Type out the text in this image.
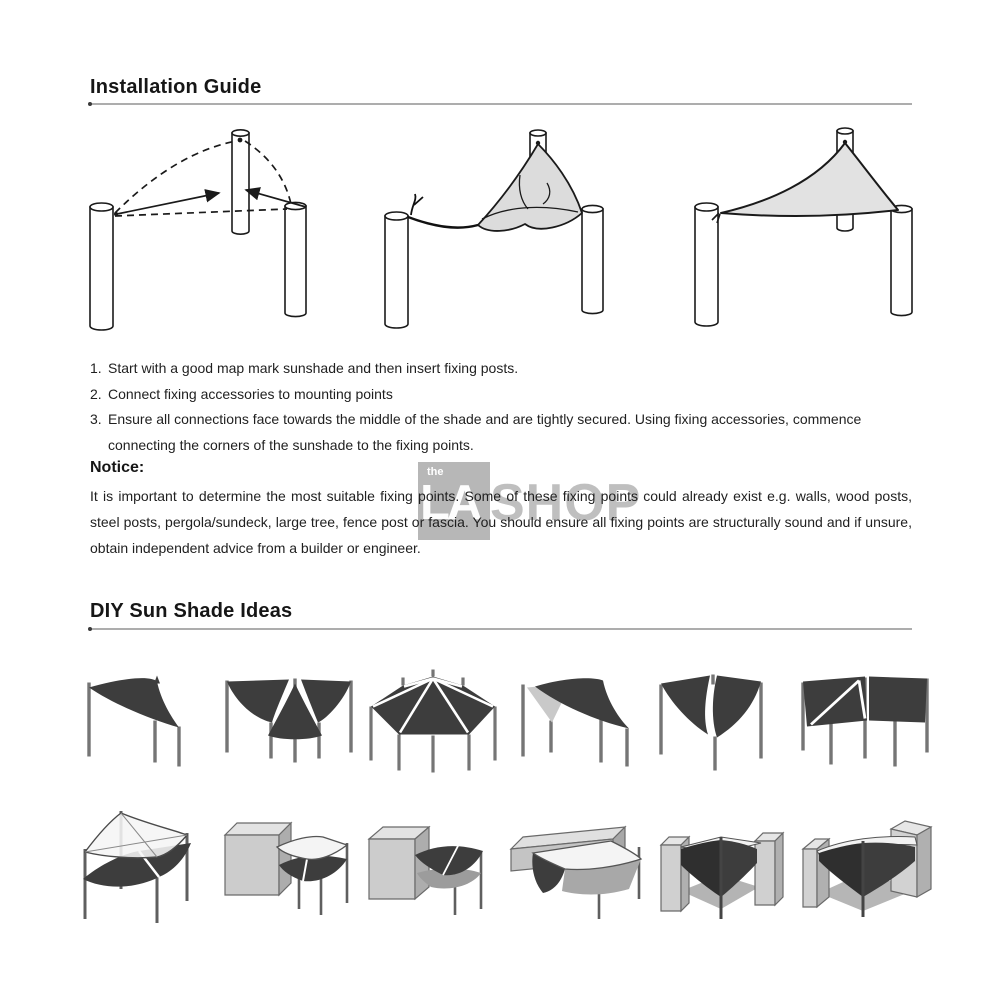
the
LA SHOP
Installation Guide
1. Start with a good map mark sunshade and then insert fixing posts.
2. Connect fixing accessories to mounting points
3. Ensure all connections face towards the middle of the shade and are tightly secured. Using fixing accessories, commence connecting the corners of the sunshade to the fixing points.
Notice:

It is important to determine the most suitable fixing points. Some of these fixing points could already exist e.g. walls, wood posts, steel posts, pergola/sundeck, large tree, fence post or fascia. You should ensure all fixing points are structurally sound and if unsure, obtain independent advice from a builder or engineer.

DIY Sun Shade Ideas
